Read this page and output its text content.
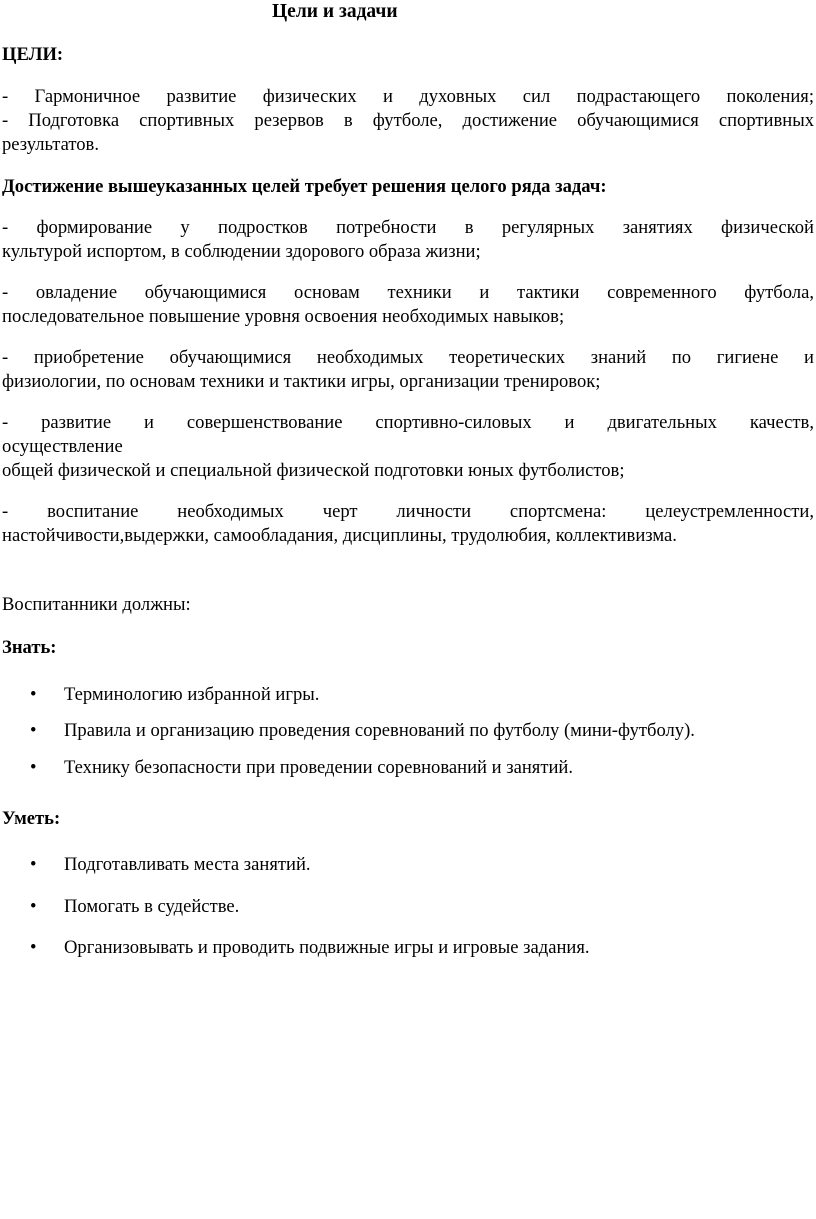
Цели и задачи
ЦЕЛИ:
- Гармоничное развитие физических и духовных сил подрастающего поколения;
- Подготовка спортивных резервов в футболе, достижение обучающимися спортивных
результатов.
Достижение вышеуказанных целей требует решения целого ряда задач:
- формирование у подростков потребности в регулярных занятиях физической
культурой испортом, в соблюдении здорового образа жизни;
- овладение обучающимися основам техники и тактики современного футбола,
последовательное повышение уровня освоения необходимых навыков;
- приобретение обучающимися необходимых теоретических знаний по гигиене и
физиологии, по основам техники и тактики игры, организации тренировок;
- развитие и совершенствование спортивно-силовых и двигательных качеств,
осуществление
общей физической и специальной физической подготовки юных футболистов;
- воспитание необходимых черт личности спортсмена: целеустремленности,
настойчивости,выдержки, самообладания, дисциплины, трудолюбия, коллективизма.
Воспитанники должны:
Знать:
• Терминологию избранной игры.
• Правила и организацию проведения соревнований по футболу (мини-футболу).
• Технику безопасности при проведении соревнований и занятий.
Уметь:
• Подготавливать места занятий.
• Помогать в судействе.
• Организовывать и проводить подвижные игры и игровые задания.
